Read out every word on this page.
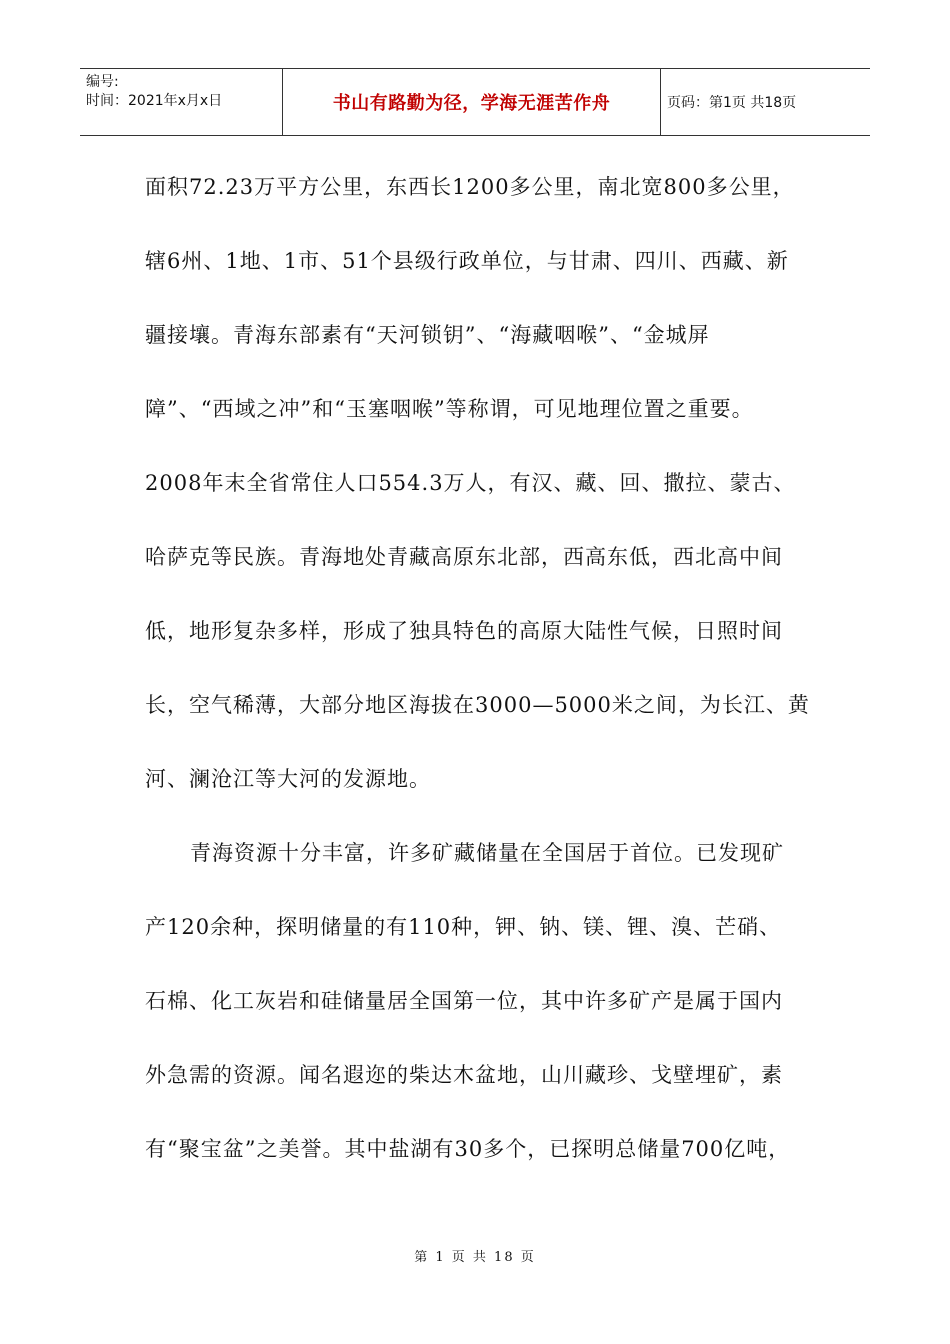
编号:
时间：2021年x月x日	书山有路勤为径，学海无涯苦作舟	页码：第1页 共18页
面积72.23万平方公里，东西长1200多公里，南北宽800多公里，
辖6州、1地、1市、51个县级行政单位，与甘肃、四川、西藏、新
疆接壤。青海东部素有“天河锁钥”、“海藏咽喉”、“金城屏
障”、“西域之冲”和“玉塞咽喉”等称谓，可见地理位置之重要。
2008年末全省常住人口554.3万人，有汉、藏、回、撒拉、蒙古、
哈萨克等民族。青海地处青藏高原东北部，西高东低，西北高中间
低，地形复杂多样，形成了独具特色的高原大陆性气候，日照时间
长，空气稀薄，大部分地区海拔在3000—5000米之间，为长江、黄
河、澜沧江等大河的发源地。
青海资源十分丰富，许多矿藏储量在全国居于首位。已发现矿
产120余种，探明储量的有110种，钾、钠、镁、锂、溴、芒硝、
石棉、化工灰岩和硅储量居全国第一位，其中许多矿产是属于国内
外急需的资源。闻名遐迩的柴达木盆地，山川藏珍、戈壁埋矿，素
有“聚宝盆”之美誉。其中盐湖有30多个，已探明总储量700亿吨，
第 1 页 共 18 页
